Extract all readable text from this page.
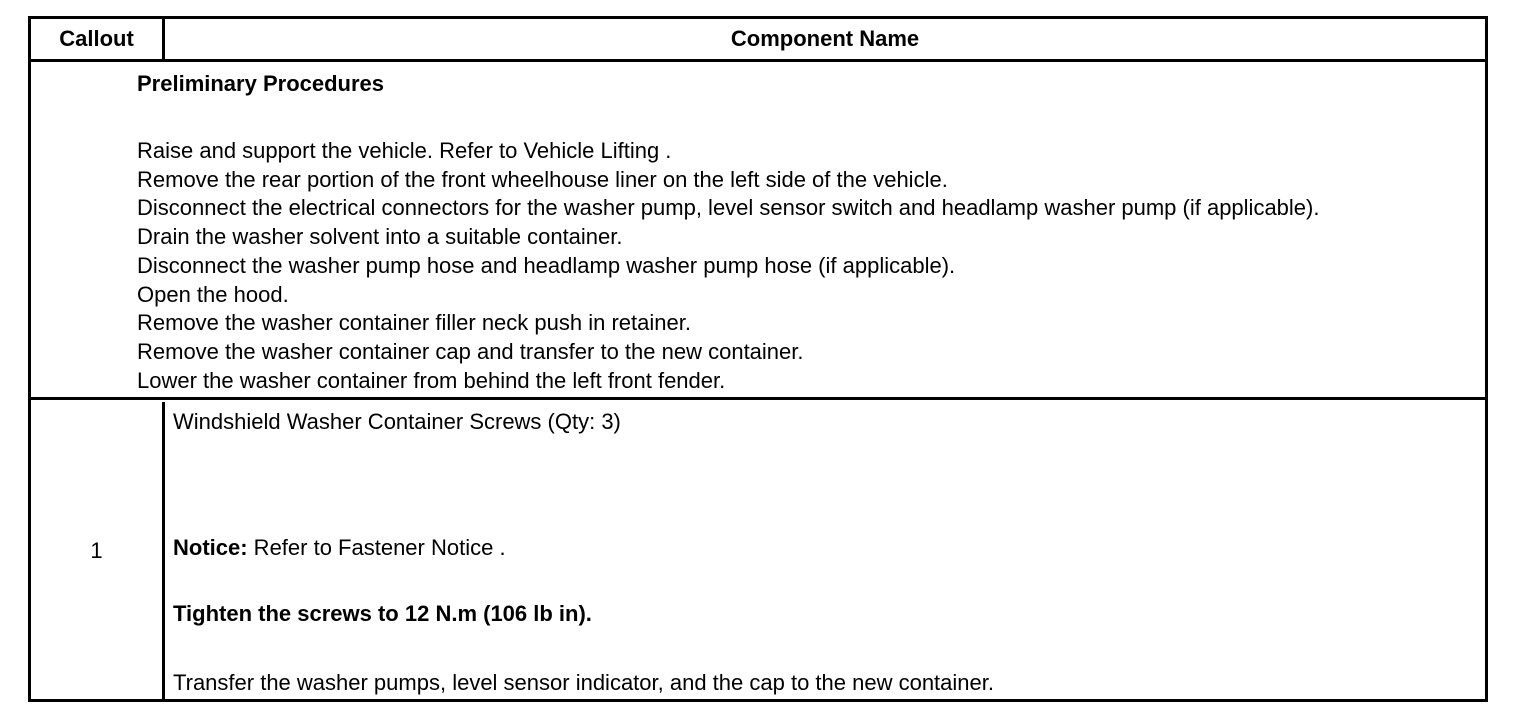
Callout	Component Name
Preliminary Procedures
Raise and support the vehicle. Refer to Vehicle Lifting .
Remove the rear portion of the front wheelhouse liner on the left side of the vehicle.
Disconnect the electrical connectors for the washer pump, level sensor switch and headlamp washer pump (if applicable).
Drain the washer solvent into a suitable container.
Disconnect the washer pump hose and headlamp washer pump hose (if applicable).
Open the hood.
Remove the washer container filler neck push in retainer.
Remove the washer container cap and transfer to the new container.
Lower the washer container from behind the left front fender.
1
Windshield Washer Container Screws (Qty: 3)
Notice: Refer to Fastener Notice .
Tighten the screws to 12 N.m (106 lb in).
Transfer the washer pumps, level sensor indicator, and the cap to the new container.
